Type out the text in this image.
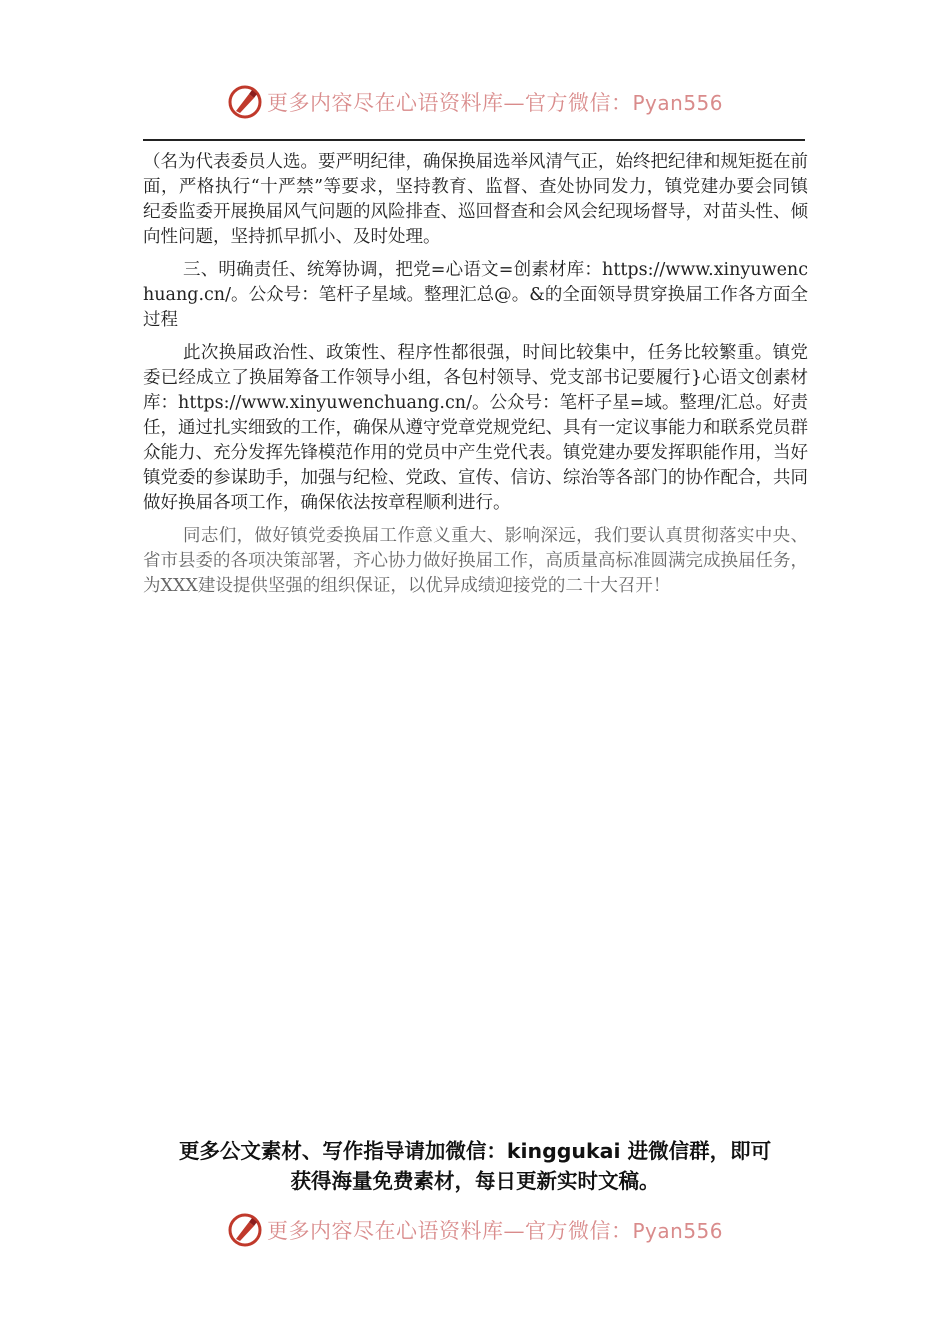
更多内容尽在心语资料库—官方微信：Pyan556

（名为代表委员人选。要严明纪律，确保换届选举风清气正，始终把纪律和规矩挺在前面，严格执行“十严禁”等要求，坚持教育、监督、查处协同发力，镇党建办要会同镇纪委监委开展换届风气问题的风险排查、巡回督查和会风会纪现场督导，对苗头性、倾向性问题，坚持抓早抓小、及时处理。

三、明确责任、统筹协调，把党=心语文=创素材库：https://www.xinyuwenchuang.cn/。公众号：笔杆子星域。整理汇总@。&的全面领导贯穿换届工作各方面全过程

此次换届政治性、政策性、程序性都很强，时间比较集中，任务比较繁重。镇党委已经成立了换届筹备工作领导小组，各包村领导、党支部书记要履行}心语文创素材库：https://www.xinyuwenchuang.cn/。公众号：笔杆子星=域。整理/汇总。好责任，通过扎实细致的工作，确保从遵守党章党规党纪、具有一定议事能力和联系党员群众能力、充分发挥先锋模范作用的党员中产生党代表。镇党建办要发挥职能作用，当好镇党委的参谋助手，加强与纪检、党政、宣传、信访、综治等各部门的协作配合，共同做好换届各项工作，确保依法按章程顺利进行。

同志们，做好镇党委换届工作意义重大、影响深远，我们要认真贯彻落实中央、省市县委的各项决策部署，齐心协力做好换届工作，高质量高标准圆满完成换届任务，为XXX建设提供坚强的组织保证，以优异成绩迎接党的二十大召开！

更多公文素材、写作指导请加微信：kinggukai 进微信群，即可
获得海量免费素材，每日更新实时文稿。
更多内容尽在心语资料库—官方微信：Pyan556
